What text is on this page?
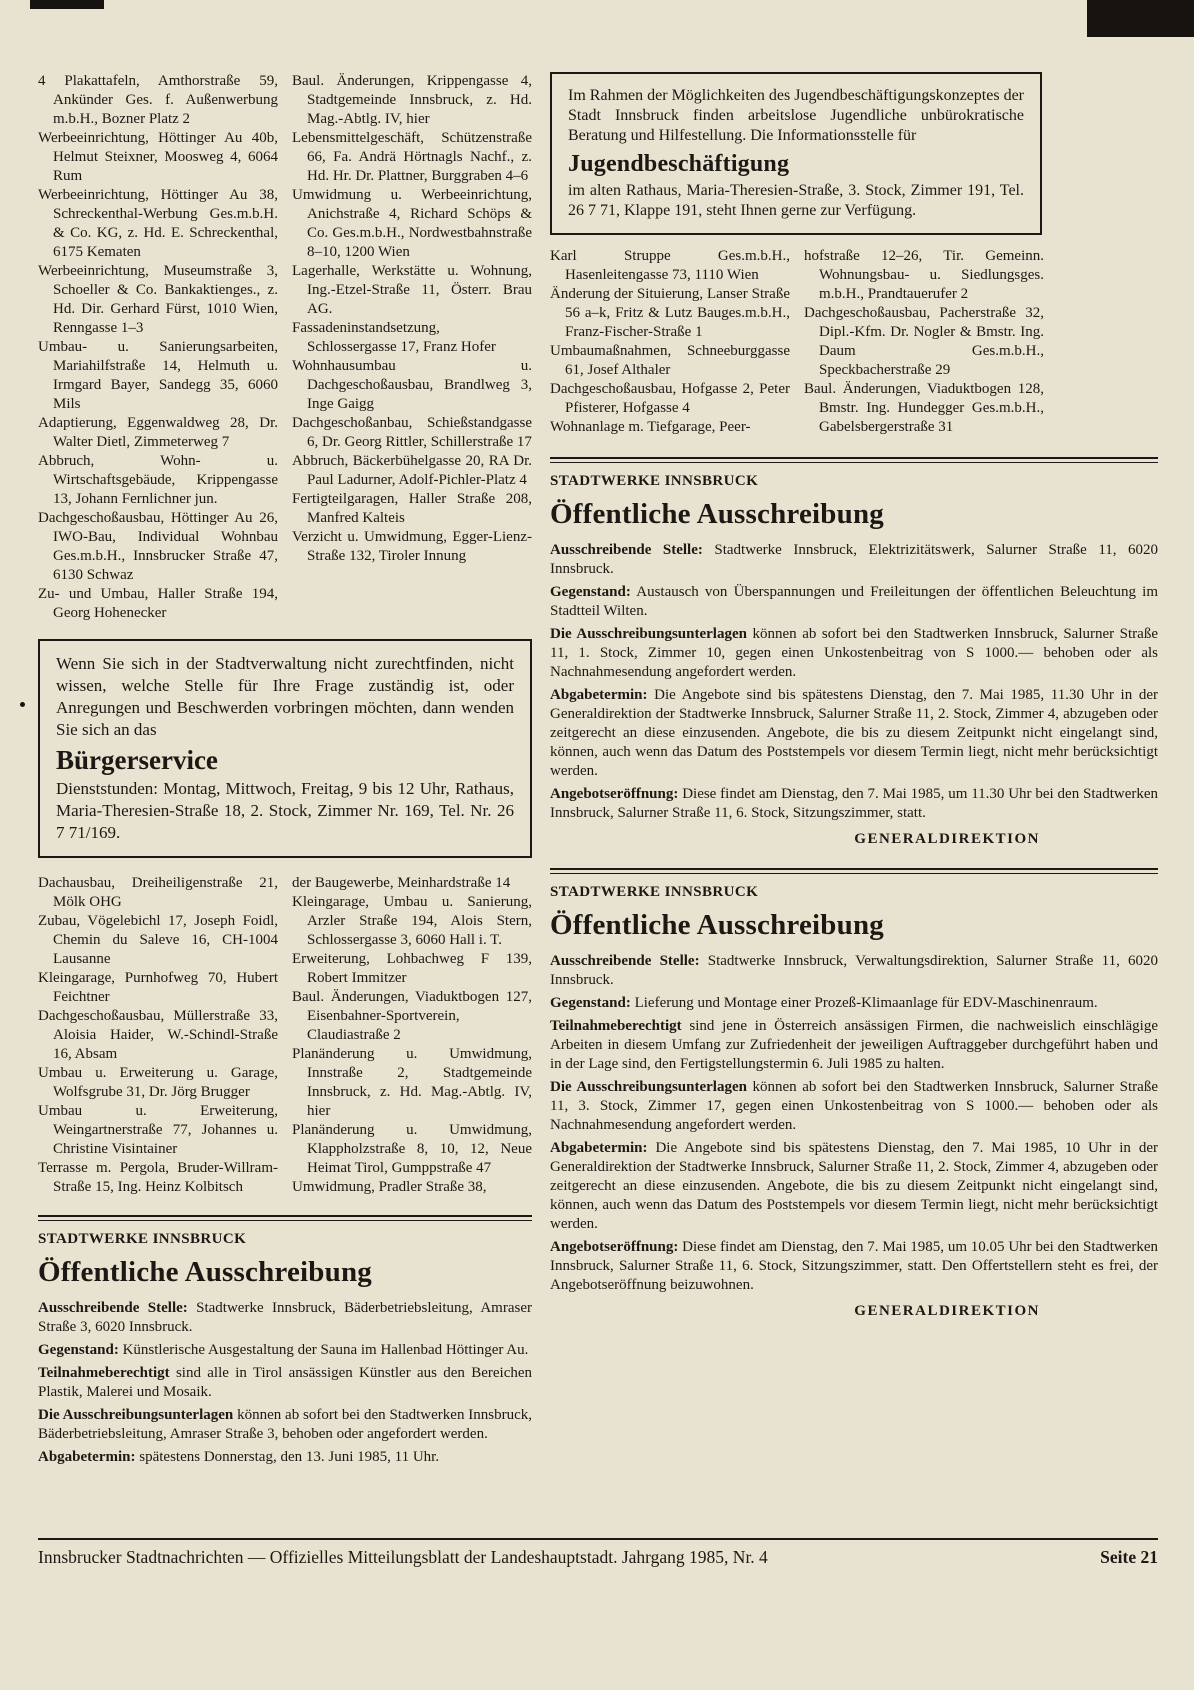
4 Plakattafeln, Amthorstraße 59, Ankünder Ges. f. Außenwerbung m.b.H., Bozner Platz 2

Werbeeinrichtung, Höttinger Au 40b, Helmut Steixner, Moosweg 4, 6064 Rum

Werbeeinrichtung, Höttinger Au 38, Schreckenthal-Werbung Ges.m.b.H. & Co. KG, z. Hd. E. Schreckenthal, 6175 Kematen

Werbeeinrichtung, Museumstraße 3, Schoeller & Co. Bankaktienges., z. Hd. Dir. Gerhard Fürst, 1010 Wien, Renngasse 1–3

Umbau- u. Sanierungsarbeiten, Mariahilfstraße 14, Helmuth u. Irmgard Bayer, Sandegg 35, 6060 Mils

Adaptierung, Eggenwaldweg 28, Dr. Walter Dietl, Zimmeterweg 7

Abbruch, Wohn- u. Wirtschaftsgebäude, Krippengasse 13, Johann Fernlichner jun.

Dachgeschoßausbau, Höttinger Au 26, IWO-Bau, Individual Wohnbau Ges.m.b.H., Innsbrucker Straße 47, 6130 Schwaz

Zu- und Umbau, Haller Straße 194, Georg Hohenecker

Baul. Änderungen, Krippengasse 4, Stadtgemeinde Innsbruck, z. Hd. Mag.-Abtlg. IV, hier

Lebensmittelgeschäft, Schützenstraße 66, Fa. Andrä Hörtnagls Nachf., z. Hd. Hr. Dr. Plattner, Burggraben 4–6

Umwidmung u. Werbeeinrichtung, Anichstraße 4, Richard Schöps & Co. Ges.m.b.H., Nordwestbahnstraße 8–10, 1200 Wien

Lagerhalle, Werkstätte u. Wohnung, Ing.-Etzel-Straße 11, Österr. Brau AG.

Fassadeninstandsetzung, Schlossergasse 17, Franz Hofer

Wohnhausumbau u. Dachgeschoßausbau, Brandlweg 3, Inge Gaigg

Dachgeschoßanbau, Schießstandgasse 6, Dr. Georg Rittler, Schillerstraße 17

Abbruch, Bäckerbühelgasse 20, RA Dr. Paul Ladurner, Adolf-Pichler-Platz 4

Fertigteilgaragen, Haller Straße 208, Manfred Kalteis

Verzicht u. Umwidmung, Egger-Lienz-Straße 132, Tiroler Innung

Wenn Sie sich in der Stadtverwaltung nicht zurechtfinden, nicht wissen, welche Stelle für Ihre Frage zuständig ist, oder Anregungen und Beschwerden vorbringen möchten, dann wenden Sie sich an das

Bürgerservice

Dienststunden: Montag, Mittwoch, Freitag, 9 bis 12 Uhr, Rathaus, Maria-Theresien-Straße 18, 2. Stock, Zimmer Nr. 169, Tel. Nr. 26 7 71/169.

Dachausbau, Dreiheiligenstraße 21, Mölk OHG

Zubau, Vögelebichl 17, Joseph Foidl, Chemin du Saleve 16, CH-1004 Lausanne

Kleingarage, Purnhofweg 70, Hubert Feichtner

Dachgeschoßausbau, Müllerstraße 33, Aloisia Haider, W.-Schindl-Straße 16, Absam

Umbau u. Erweiterung u. Garage, Wolfsgrube 31, Dr. Jörg Brugger

Umbau u. Erweiterung, Weingartnerstraße 77, Johannes u. Christine Visintainer

Terrasse m. Pergola, Bruder-Willram-Straße 15, Ing. Heinz Kolbitsch

der Baugewerbe, Meinhardstraße 14

Kleingarage, Umbau u. Sanierung, Arzler Straße 194, Alois Stern, Schlossergasse 3, 6060 Hall i. T.

Erweiterung, Lohbachweg F 139, Robert Immitzer

Baul. Änderungen, Viaduktbogen 127, Eisenbahner-Sportverein, Claudiastraße 2

Planänderung u. Umwidmung, Innstraße 2, Stadtgemeinde Innsbruck, z. Hd. Mag.-Abtlg. IV, hier

Planänderung u. Umwidmung, Klappholzstraße 8, 10, 12, Neue Heimat Tirol, Gumppstraße 47

Umwidmung, Pradler Straße 38,

STADTWERKE INNSBRUCK
Öffentliche Ausschreibung

Ausschreibende Stelle: Stadtwerke Innsbruck, Bäderbetriebsleitung, Amraser Straße 3, 6020 Innsbruck.

Gegenstand: Künstlerische Ausgestaltung der Sauna im Hallenbad Höttinger Au.

Teilnahmeberechtigt sind alle in Tirol ansässigen Künstler aus den Bereichen Plastik, Malerei und Mosaik.

Die Ausschreibungsunterlagen können ab sofort bei den Stadtwerken Innsbruck, Bäderbetriebsleitung, Amraser Straße 3, behoben oder angefordert werden.

Abgabetermin: spätestens Donnerstag, den 13. Juni 1985, 11 Uhr.

Im Rahmen der Möglichkeiten des Jugendbeschäftigungskonzeptes der Stadt Innsbruck finden arbeitslose Jugendliche unbürokratische Beratung und Hilfestellung. Die Informationsstelle für

Jugendbeschäftigung

im alten Rathaus, Maria-Theresien-Straße, 3. Stock, Zimmer 191, Tel. 26 7 71, Klappe 191, steht Ihnen gerne zur Verfügung.

Karl Struppe Ges.m.b.H., Hasenleitengasse 73, 1110 Wien

Änderung der Situierung, Lanser Straße 56 a–k, Fritz & Lutz Bauges.m.b.H., Franz-Fischer-Straße 1

Umbaumaßnahmen, Schneeburggasse 61, Josef Althaler

Dachgeschoßausbau, Hofgasse 2, Peter Pfisterer, Hofgasse 4

Wohnanlage m. Tiefgarage, Peer-

hofstraße 12–26, Tir. Gemeinn. Wohnungsbau- u. Siedlungsges. m.b.H., Prandtauerufer 2

Dachgeschoßausbau, Pacherstraße 32, Dipl.-Kfm. Dr. Nogler & Bmstr. Ing. Daum Ges.m.b.H., Speckbacherstraße 29

Baul. Änderungen, Viaduktbogen 128, Bmstr. Ing. Hundegger Ges.m.b.H., Gabelsbergerstraße 31

STADTWERKE INNSBRUCK
Öffentliche Ausschreibung

Ausschreibende Stelle: Stadtwerke Innsbruck, Elektrizitätswerk, Salurner Straße 11, 6020 Innsbruck.

Gegenstand: Austausch von Überspannungen und Freileitungen der öffentlichen Beleuchtung im Stadtteil Wilten.

Die Ausschreibungsunterlagen können ab sofort bei den Stadtwerken Innsbruck, Salurner Straße 11, 1. Stock, Zimmer 10, gegen einen Unkostenbeitrag von S 1000.— behoben oder als Nachnahmesendung angefordert werden.

Abgabetermin: Die Angebote sind bis spätestens Dienstag, den 7. Mai 1985, 11.30 Uhr in der Generaldirektion der Stadtwerke Innsbruck, Salurner Straße 11, 2. Stock, Zimmer 4, abzugeben oder zeitgerecht an diese einzusenden. Angebote, die bis zu diesem Zeitpunkt nicht eingelangt sind, können, auch wenn das Datum des Poststempels vor diesem Termin liegt, nicht mehr berücksichtigt werden.

Angebotseröffnung: Diese findet am Dienstag, den 7. Mai 1985, um 11.30 Uhr bei den Stadtwerken Innsbruck, Salurner Straße 11, 6. Stock, Sitzungszimmer, statt.

GENERALDIREKTION
STADTWERKE INNSBRUCK
Öffentliche Ausschreibung

Ausschreibende Stelle: Stadtwerke Innsbruck, Verwaltungsdirektion, Salurner Straße 11, 6020 Innsbruck.

Gegenstand: Lieferung und Montage einer Prozeß-Klimaanlage für EDV-Maschinenraum.

Teilnahmeberechtigt sind jene in Österreich ansässigen Firmen, die nachweislich einschlägige Arbeiten in diesem Umfang zur Zufriedenheit der jeweiligen Auftraggeber durchgeführt haben und in der Lage sind, den Fertigstellungstermin 6. Juli 1985 zu halten.

Die Ausschreibungsunterlagen können ab sofort bei den Stadtwerken Innsbruck, Salurner Straße 11, 3. Stock, Zimmer 17, gegen einen Unkostenbeitrag von S 1000.— behoben oder als Nachnahmesendung angefordert werden.

Abgabetermin: Die Angebote sind bis spätestens Dienstag, den 7. Mai 1985, 10 Uhr in der Generaldirektion der Stadtwerke Innsbruck, Salurner Straße 11, 2. Stock, Zimmer 4, abzugeben oder zeitgerecht an diese einzusenden. Angebote, die bis zu diesem Zeitpunkt nicht eingelangt sind, können, auch wenn das Datum des Poststempels vor diesem Termin liegt, nicht mehr berücksichtigt werden.

Angebotseröffnung: Diese findet am Dienstag, den 7. Mai 1985, um 10.05 Uhr bei den Stadtwerken Innsbruck, Salurner Straße 11, 6. Stock, Sitzungszimmer, statt. Den Offertstellern steht es frei, der Angebotseröffnung beizuwohnen.

GENERALDIREKTION
Innsbrucker Stadtnachrichten — Offizielles Mitteilungsblatt der Landeshauptstadt. Jahrgang 1985, Nr. 4	Seite 21
